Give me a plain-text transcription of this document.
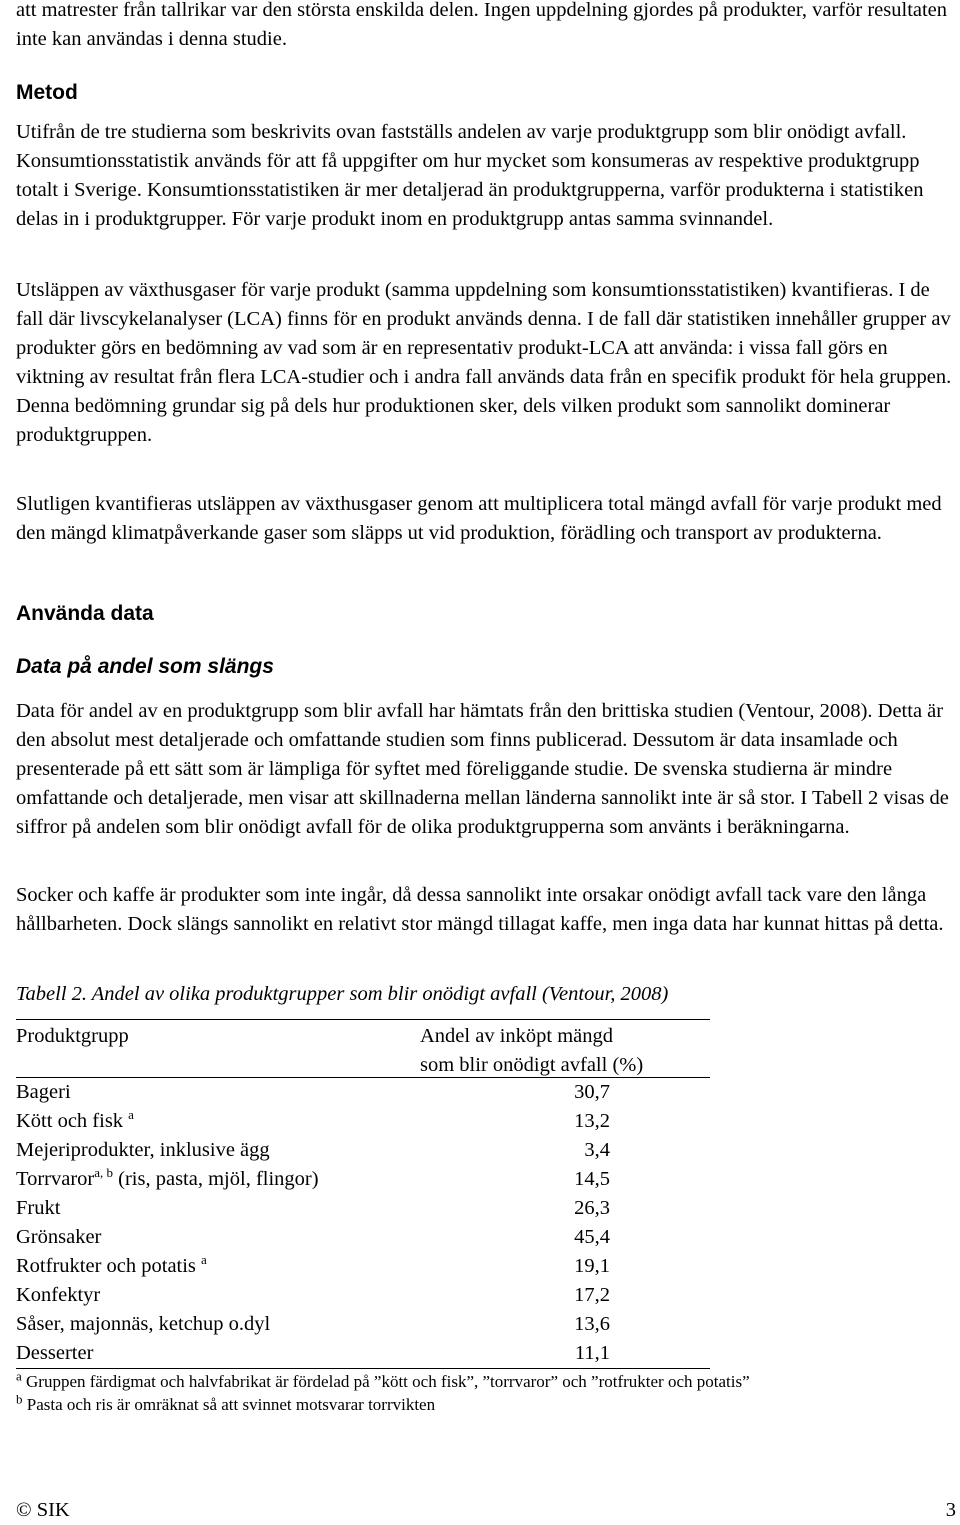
att matrester från tallrikar var den största enskilda delen. Ingen uppdelning gjordes på produkter, varför resultaten inte kan användas i denna studie.

Metod

Utifrån de tre studierna som beskrivits ovan fastställs andelen av varje produktgrupp som blir onödigt avfall. Konsumtionsstatistik används för att få uppgifter om hur mycket som konsumeras av respektive produktgrupp totalt i Sverige. Konsumtionsstatistiken är mer detaljerad än produktgrupperna, varför produkterna i statistiken delas in i produktgrupper. För varje produkt inom en produktgrupp antas samma svinnandel.

Utsläppen av växthusgaser för varje produkt (samma uppdelning som konsumtionsstatistiken) kvantifieras. I de fall där livscykelanalyser (LCA) finns för en produkt används denna. I de fall där statistiken innehåller grupper av produkter görs en bedömning av vad som är en representativ produkt-LCA att använda: i vissa fall görs en viktning av resultat från flera LCA-studier och i andra fall används data från en specifik produkt för hela gruppen. Denna bedömning grundar sig på dels hur produktionen sker, dels vilken produkt som sannolikt dominerar produktgruppen.

Slutligen kvantifieras utsläppen av växthusgaser genom att multiplicera total mängd avfall för varje produkt med den mängd klimatpåverkande gaser som släpps ut vid produktion, förädling och transport av produkterna.

Använda data
Data på andel som slängs

Data för andel av en produktgrupp som blir avfall har hämtats från den brittiska studien (Ventour, 2008). Detta är den absolut mest detaljerade och omfattande studien som finns publicerad. Dessutom är data insamlade och presenterade på ett sätt som är lämpliga för syftet med föreliggande studie. De svenska studierna är mindre omfattande och detaljerade, men visar att skillnaderna mellan länderna sannolikt inte är så stor. I Tabell 2 visas de siffror på andelen som blir onödigt avfall för de olika produktgrupperna som använts i beräkningarna.

Socker och kaffe är produkter som inte ingår, då dessa sannolikt inte orsakar onödigt avfall tack vare den långa hållbarheten. Dock slängs sannolikt en relativt stor mängd tillagat kaffe, men inga data har kunnat hittas på detta.

Tabell 2. Andel av olika produktgrupper som blir onödigt avfall (Ventour, 2008)

Produktgrupp	Andel av inköpt mängd
som blir onödigt avfall (%)
Bageri	30,7
Kött och fisk $^a$	13,2
Mejeriprodukter, inklusive ägg	3,4
Torrvaror$^{a, b}$ (ris, pasta, mjöl, flingor)	14,5
Frukt	26,3
Grönsaker	45,4
Rotfrukter och potatis $^a$	19,1
Konfektyr	17,2
Såser, majonnäs, ketchup o.dyl	13,6
Desserter	11,1

$^a$ Gruppen färdigmat och halvfabrikat är fördelad på ”kött och fisk”, ”torrvaror” och ”rotfrukter och potatis”

$^b$ Pasta och ris är omräknat så att svinnet motsvarar torrvikten

© SIK	3
